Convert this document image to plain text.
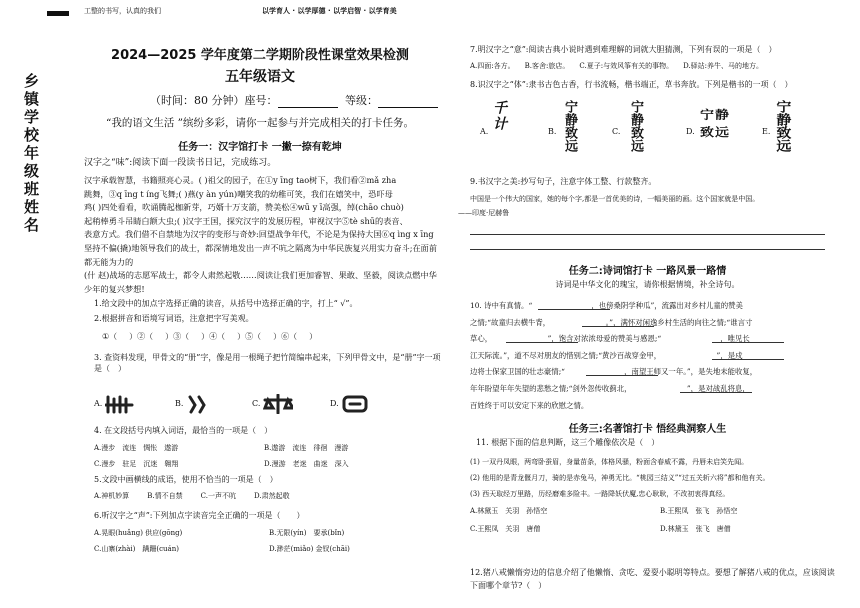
工整的书写，认真的我们	以学育人 · 以学厚德 · 以学启智 · 以学育美
乡
镇
学
校
年
级
班
姓
名
2024—2025 学年度第二学期阶段性课堂效果检测
五年级语文
（时间：80 分钟）座号：	等级：
“我的语文生活 ”缤纷多彩，请你一起参与并完成相关的打卡任务。
任务一：汉字馆打卡 一撇一捺有乾坤
汉字之“味”:阅读下面一段读书日记，完成练习。
汉字承载智慧，书籍照亮心灵。( )祖父的园子，在①y īng tao树下，我们看②mǎ zha
跳舞，③q īng t íng飞舞;( )燕(y àn yún)嘲笑我的幼稚可笑，我们在嬉笑中，恐吓母
鸡( )四处看看，吹诵腾起枷新芽，巧婿十万支箭，赞美松④wū y ī高强，绰(chāo chuò)
起稍棒勇斗吊睛白额大虫;( )汉字王国，探究汉字的发展历程，审视汉字⑤tè shū的表音、
表意方式。我们借不自禁地为汉字的变形与奇妙:回望战争年代，不论是为保持大国⑥q ìng x īng
坚持不偏(撬)地领导我们的战士，都深情地发出一声不吭之隔离为中华民族复兴用实力奋斗;在面前都无能为力的
(什 赵)战场的志愿军战士，都令人肃然起敬……阅读让我们更加睿智、果敢、坚毅，阅读点燃中华
少年的复兴梦想!
1.给文段中的加点字选择正确的读音，从括号中选择正确的字，打上“ √”。
2.根据拼音和语境写词语，注意把字写美观。
①（ ）②（ ）③（ ）④（ ）⑤（ ）⑥（ ）
3. 查资料发现，甲骨文的“册”字，像是用一根绳子把竹简编串起来，下列甲骨文中，是“册”字一项是（　）
A.	B.	C.	D.
4. 在文段括号内填入词语，最恰当的一项是（　）
A.漫步　流连　惆怅　遨游	B.遨游　流连　徘徊　漫游
C.漫步　驻足　沉迷　翱翔	D.漫游　老迷　曲迷　深入
5.文段中画横线的成语，使用不恰当的一项是（　）
A.神机妙算	B.情不自禁	C.一声不吭	D.肃然起敬
6.听汉字之“声”:下列加点字读音完全正确的一项是（　　）
A.晃眼(huǎng) 供应(gōng)	B.无限(yín)　要承(bǐn)
C.山寨(zhài)　蹒跚(cuán)	D.渺茫(miǎo) 金钗(chāi)
7.明汉字之“意”:阅读古典小说时遇到难理解的词就大胆猜测，下列有误的一项是（　）
A.四面:各方。 B.客舍:旅店。 C.夏子:与效风筝有关的事物。 D.驿站:养牛、马的地方。
8.识汉字之“体”:隶书古色古香，行书流畅，楷书端正，草书奔放。下列是楷书的一项（　）
A. 千计	B. 宁静致远	C. 宁静致远	D.
宁静致远	E. 宁静致远
9.书汉字之美:抄写句子，注意字体工整、行款整齐。
中国是一个伟大的国家，她的每个字,都是一首优美的诗，一幅美丽的画。这个国家就是中国。
——印度·尼赫鲁
任务二:诗词馆打卡 一路风景一路情
诗词是中华文化的瑰宝，请你根据情境，补全诗句。
10. 诗中有真情。“　　　　　　　　，也傍桑阴学种瓜”，流露出对乡村儿童的赞美
之情;“故童归去横牛背，　　　　　　　　。”，满怀对闲逸乡村生活的向往之情;“谁言寸
草心，　　　　　　　　”，饱含对浓浓母爱的赞美与感恩;“　　　　　　　　，唯见长
江天际流。”，道不尽对朋友的惜别之情;“黄沙百战穿金甲，　　　　　　　　”，是戍
边将士保家卫国的壮志豪情;“　　　　　　　　，南望王师又一年。”，是失地未能收复，
年年盼望年年失望的悲愁之情;“剑外忽传收蓟北，　　　　　　　　”，是对战乱将息，
百姓终于可以安定下来的欣慰之情。
任务三:名著馆打卡 悟经典洞察人生
11. 根据下面的信息判断，这三个雕像依次是（　）
(1) 一双丹凤眼，两弯卧蚕眉，身量苗条，体格风骚，粉面含春威不露，丹唇未启笑先闻。
(2) 他用的是青龙偃月刀，骑的是赤兔马，神勇无比。“桃园三结义”“过五关斩六将”都和他有关。
(3) 西天取经万里路，历经磨难多险丰。一路降妖伏魔,忠心耿耿，不改初衷得真经。
A.林黛玉　关羽　孙悟空	B.王熙凤　张飞　孙悟空
C.王熙凤　关羽　唐僧	D.林黛玉　张飞　唐僧
12.猪八戒懒惰旁边的信息介绍了他懒惰、贪吃、爱耍小聪明等特点。要想了解猪八戒的优点，应该阅读下面哪个章节?（　）
